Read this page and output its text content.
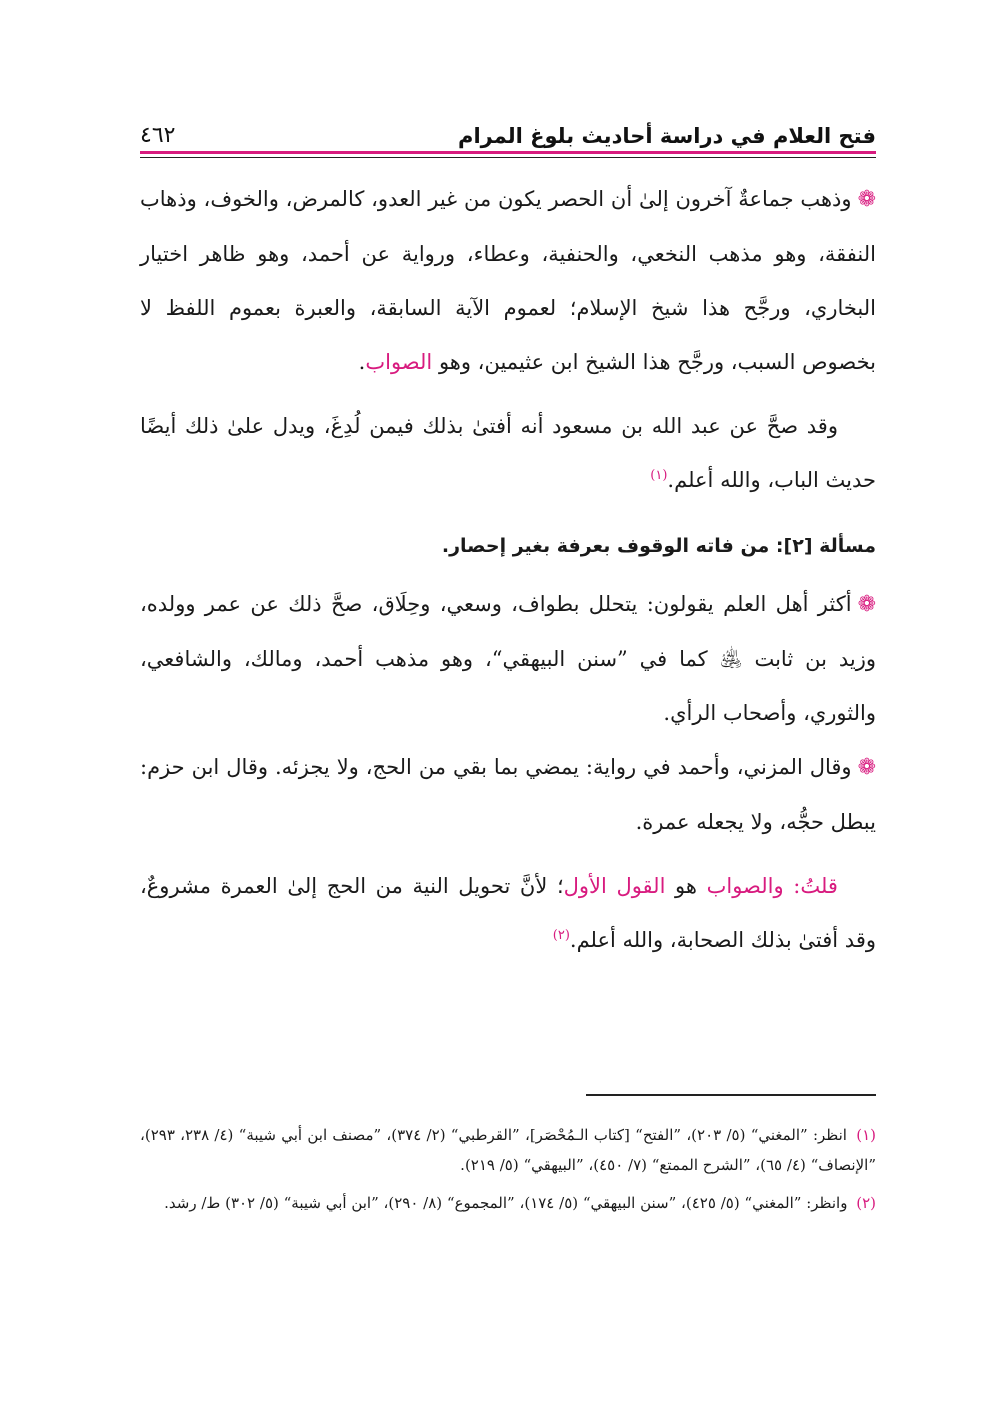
فتح العلام في دراسة أحاديث بلوغ المرام
٤٦٢

❁وذهب جماعةٌ آخرون إلىٰ أن الحصر يكون من غير العدو، كالمرض، والخوف، وذهاب النفقة، وهو مذهب النخعي، والحنفية، وعطاء، ورواية عن أحمد، وهو ظاهر اختيار البخاري، ورجَّح هذا شيخ الإسلام؛ لعموم الآية السابقة، والعبرة بعموم اللفظ لا بخصوص السبب، ورجَّح هذا الشيخ ابن عثيمين، وهو الصواب.

وقد صحَّ عن عبد الله بن مسعود أنه أفتىٰ بذلك فيمن لُدِغَ، ويدل علىٰ ذلك أيضًا حديث الباب، والله أعلم.$^{(١)}$

مسألة [٢]: من فاته الوقوف بعرفة بغير إحصار.

❁أكثر أهل العلم يقولون: يتحلل بطواف، وسعي، وحِلَاق، صحَّ ذلك عن عمر وولده، وزيد بن ثابت ﵁ كما في ”سنن البيهقي“، وهو مذهب أحمد، ومالك، والشافعي، والثوري، وأصحاب الرأي.

❁وقال المزني، وأحمد في رواية: يمضي بما بقي من الحج، ولا يجزئه. وقال ابن حزم: يبطل حجُّه، ولا يجعله عمرة.

قلتُ: والصواب هو القول الأول؛ لأنَّ تحويل النية من الحج إلىٰ العمرة مشروعٌ، وقد أفتىٰ بذلك الصحابة، والله أعلم.$^{(٢)}$

(١) انظر: ”المغني“ (٥/ ٢٠٣)، ”الفتح“ [كتاب الـمُحْصَر]، ”القرطبي“ (٢/ ٣٧٤)، ”مصنف ابن أبي شيبة“ (٤/ ٢٣٨، ٢٩٣)، ”الإنصاف“ (٤/ ٦٥)، ”الشرح الممتع“ (٧/ ٤٥٠)، ”البيهقي“ (٥/ ٢١٩).

(٢) وانظر: ”المغني“ (٥/ ٤٢٥)، ”سنن البيهقي“ (٥/ ١٧٤)، ”المجموع“ (٨/ ٢٩٠)، ”ابن أبي شيبة“ (٥/ ٣٠٢) ط/ رشد.
